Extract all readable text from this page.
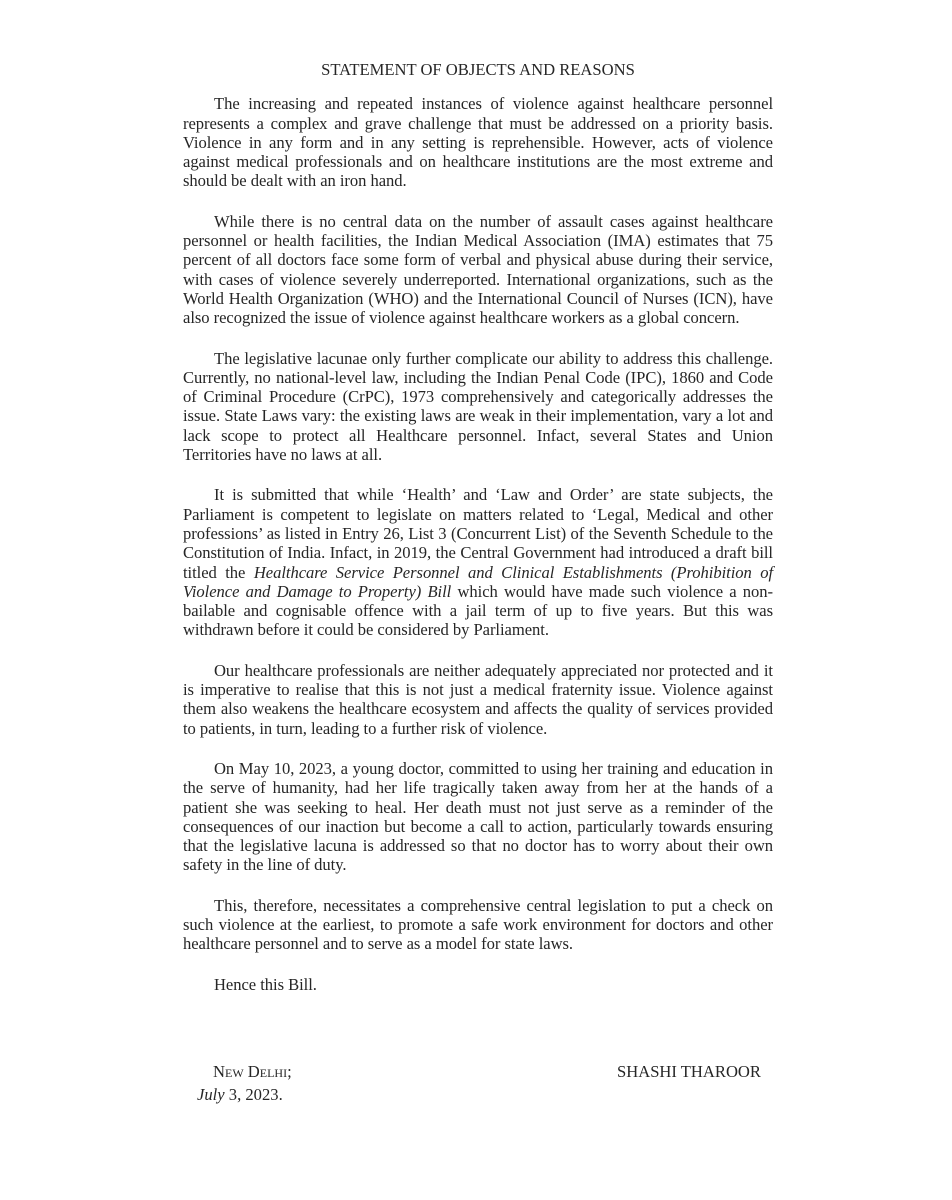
STATEMENT OF OBJECTS AND REASONS

The increasing and repeated instances of violence against healthcare personnel represents a complex and grave challenge that must be addressed on a priority basis. Violence in any form and in any setting is reprehensible. However, acts of violence against medical professionals and on healthcare institutions are the most extreme and should be dealt with an iron hand.

While there is no central data on the number of assault cases against healthcare personnel or health facilities, the Indian Medical Association (IMA) estimates that 75 percent of all doctors face some form of verbal and physical abuse during their service, with cases of violence severely underreported. International organizations, such as the World Health Organization (WHO) and the International Council of Nurses (ICN), have also recognized the issue of violence against healthcare workers as a global concern.

The legislative lacunae only further complicate our ability to address this challenge. Currently, no national-level law, including the Indian Penal Code (IPC), 1860 and Code of Criminal Procedure (CrPC), 1973 comprehensively and categorically addresses the issue. State Laws vary: the existing laws are weak in their implementation, vary a lot and lack scope to protect all Healthcare personnel. Infact, several States and Union Territories have no laws at all.

It is submitted that while ‘Health’ and ‘Law and Order’ are state subjects, the Parliament is competent to legislate on matters related to ‘Legal, Medical and other professions’ as listed in Entry 26, List 3 (Concurrent List) of the Seventh Schedule to the Constitution of India. Infact, in 2019, the Central Government had introduced a draft bill titled the Healthcare Service Personnel and Clinical Establishments (Prohibition of Violence and Damage to Property) Bill which would have made such violence a non-bailable and cognisable offence with a jail term of up to five years. But this was withdrawn before it could be considered by Parliament.

Our healthcare professionals are neither adequately appreciated nor protected and it is imperative to realise that this is not just a medical fraternity issue. Violence against them also weakens the healthcare ecosystem and affects the quality of services provided to patients, in turn, leading to a further risk of violence.

On May 10, 2023, a young doctor, committed to using her training and education in the serve of humanity, had her life tragically taken away from her at the hands of a patient she was seeking to heal. Her death must not just serve as a reminder of the consequences of our inaction but become a call to action, particularly towards ensuring that the legislative lacuna is addressed so that no doctor has to worry about their own safety in the line of duty.

This, therefore, necessitates a comprehensive central legislation to put a check on such violence at the earliest, to promote a safe work environment for doctors and other healthcare personnel and to serve as a model for state laws.

Hence this Bill.

New Delhi;
July 3, 2023.
SHASHI THAROOR
